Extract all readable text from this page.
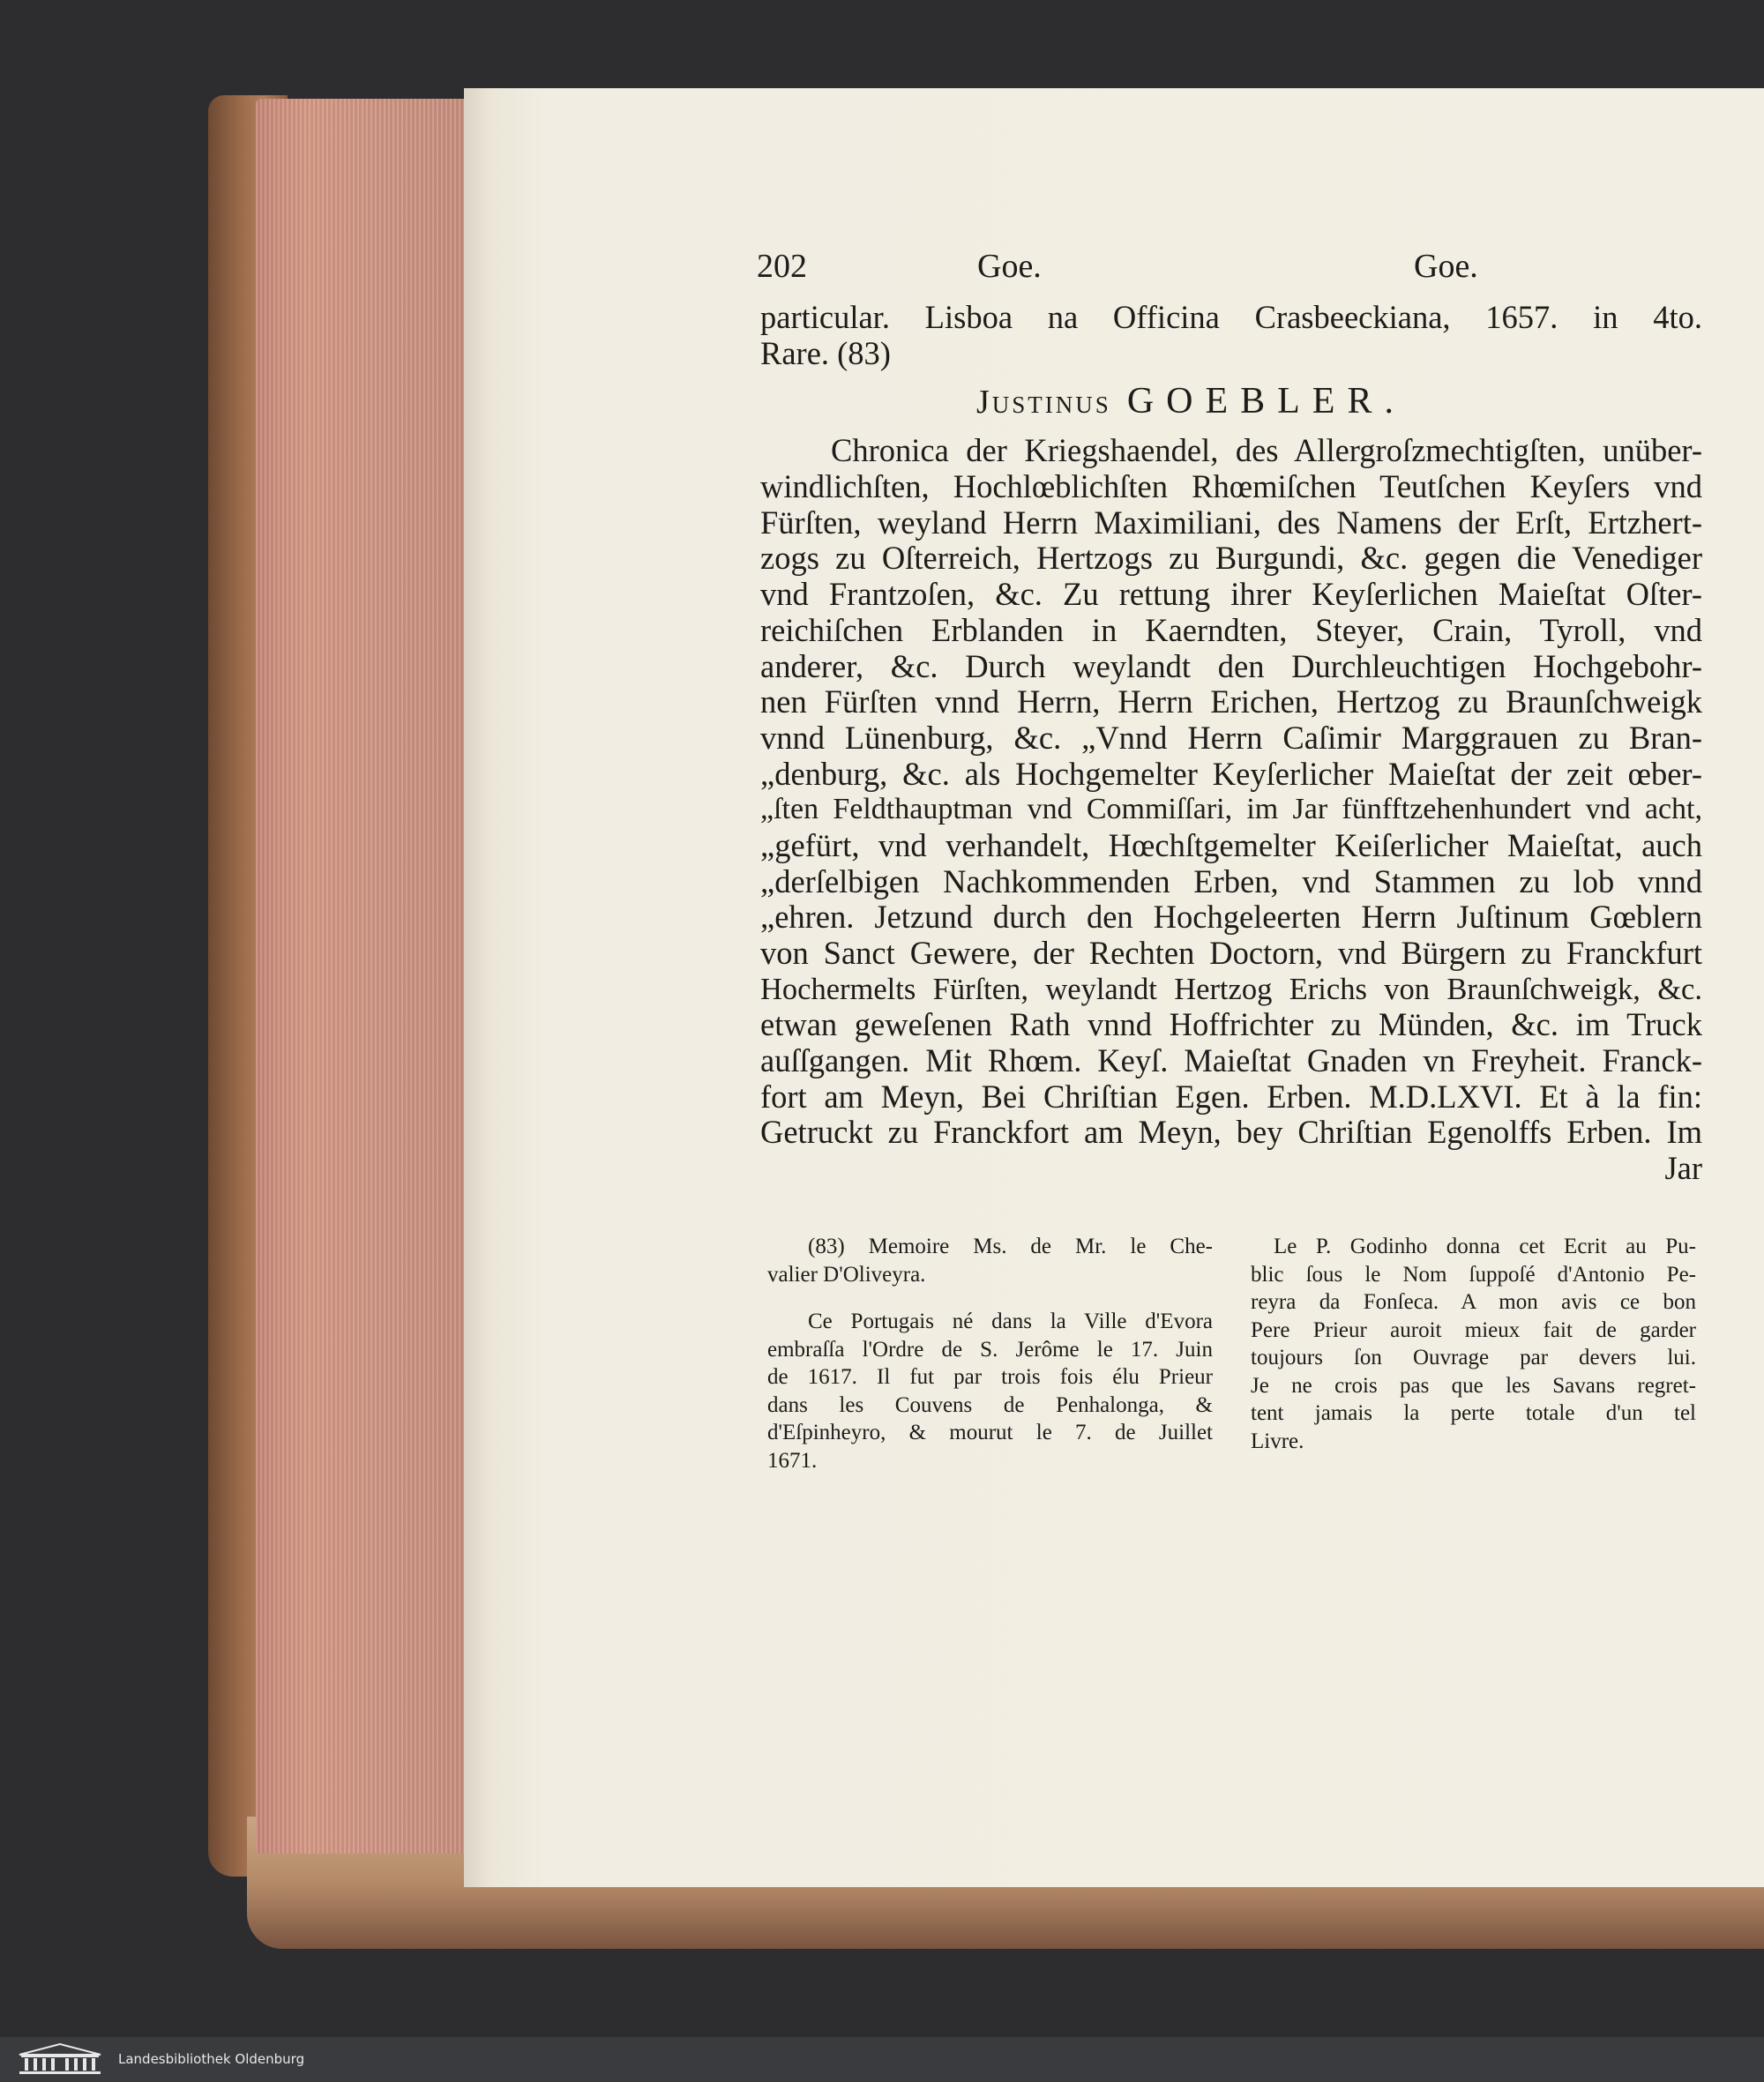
202	Goe.	Goe.
particular. Lisboa na Officina Crasbeeckiana, 1657. in 4to.
Rare. (83)
Justinus GOEBLER.
Chronica der Kriegshaendel, des Allergroſzmechtigſten, unüber-
windlichſten, Hochlœblichſten Rhœmiſchen Teutſchen Keyſers vnd
Fürſten, weyland Herrn Maximiliani, des Namens der Erſt, Ertzhert-
zogs zu Oſterreich, Hertzogs zu Burgundi, &c. gegen die Venediger
vnd Frantzoſen, &c. Zu rettung ihrer Keyſerlichen Maieſtat Oſter-
reichiſchen Erblanden in Kaerndten, Steyer, Crain, Tyroll, vnd
anderer, &c. Durch weylandt den Durchleuchtigen Hochgebohr-
nen Fürſten vnnd Herrn, Herrn Erichen, Hertzog zu Braunſchweigk
vnnd Lünenburg, &c. „Vnnd Herrn Caſimir Marggrauen zu Bran-
„denburg, &c. als Hochgemelter Keyſerlicher Maieſtat der zeit œber-
„ſten Feldthauptman vnd Commiſſari, im Jar fünfftzehenhundert vnd acht,
„gefürt, vnd verhandelt, Hœchſtgemelter Keiſerlicher Maieſtat, auch
„derſelbigen Nachkommenden Erben, vnd Stammen zu lob vnnd
„ehren. Jetzund durch den Hochgeleerten Herrn Juſtinum Gœblern
von Sanct Gewere, der Rechten Doctorn, vnd Bürgern zu Franckfurt
Hochermelts Fürſten, weylandt Hertzog Erichs von Braunſchweigk, &c.
etwan geweſenen Rath vnnd Hoffrichter zu Münden, &c. im Truck
auſſgangen. Mit Rhœm. Keyſ. Maieſtat Gnaden vn Freyheit. Franck-
fort am Meyn, Bei Chriſtian Egen. Erben. M.D.LXVI. Et à la fin:
Getruckt zu Franckfort am Meyn, bey Chriſtian Egenolffs Erben. Im
Jar
(83) Memoire Ms. de Mr. le Che-
valier D'Oliveyra.
Ce Portugais né dans la Ville d'Evora
embraſſa l'Ordre de S. Jerôme le 17. Juin
de 1617. Il fut par trois fois élu Prieur
dans les Couvens de Penhalonga, &
d'Eſpinheyro, & mourut le 7. de Juillet
1671.
Le P. Godinho donna cet Ecrit au Pu-
blic ſous le Nom ſuppoſé d'Antonio Pe-
reyra da Fonſeca. A mon avis ce bon
Pere Prieur auroit mieux fait de garder
toujours ſon Ouvrage par devers lui.
Je ne crois pas que les Savans regret-
tent jamais la perte totale d'un tel
Livre.
Landesbibliothek Oldenburg
